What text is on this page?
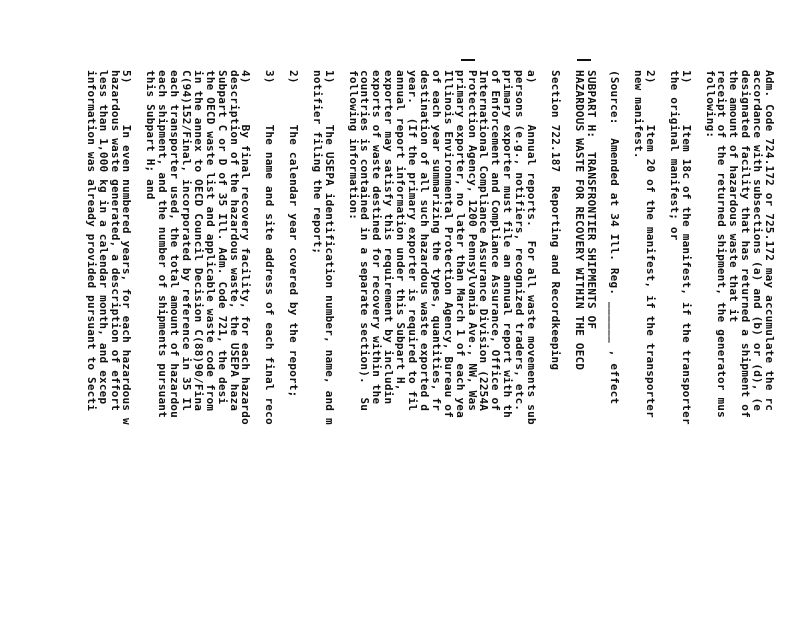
Adm. Code 724.172 or 725.172 may accumulate the rc
accordance with subsections (a) and (b) or (d), (e
designated facility that has returned a shipment of
the amount of hazardous waste that it
receipt of the returned shipment, the generator mus
following:
1)      Item 18c of the manifest, if the transporter
the original manifest; or
2)      Item 20 of the manifest, if the transporter
new manifest.
(Source:  Amended at 34 Ill. Reg. ______ , effect
SUBPART H:  TRANSFRONTIER SHIPMENTS OF
HAZARDOUS WASTE FOR RECOVERY WITHIN THE OECD
Section 722.187  Reporting and Recordkeeping
a)      Annual reports.  For all waste movements sub
persons (e.g., notifiers, recognized traders, etc.
primary exporter must file an annual report with th
of Enforcement and Compliance Assurance, Office of
International Compliance Assurance Division (2254A
Protection Agency, 1200 Pennsylvania Ave., NW, Was
primary exporter, no later than March 1 of each yea
Illinois Environmental Protection Agency, Bureau of
of each year summarizing the types, quantities, fr
destination of all such hazardous waste exported d
year.  (If the primary exporter is required to fil
annual report information under this Subpart H,
exporter may satisfy this requirement by includin
exports of waste destined for recovery within the
countries is contained in a separate section).  Su
following information:
1)      The USEPA identification number, name, and m
notifier filing the report;
2)      The calendar year covered by the report;
3)      The name and site address of each final reco
4)      By final recovery facility, for each hazardo
description of the hazardous waste, the USEPA haza
Subpart C or D of 35 Ill. Adm. Code 721, the desi
the OECD waste list and applicable waste code from
in the annex to OECD Council Decision C(88)90/Fina
C(94)152/Final, incorporated by reference in 35 Il
each transporter used, the total amount of hazardou
each shipment, and the number of shipments pursuant
this Subpart H; and
5)      In even numbered years, for each hazardous w
hazardous waste generated, a description of effort
less than 1,000 kg in a calendar month, and excep
information was already provided pursuant to Secti
